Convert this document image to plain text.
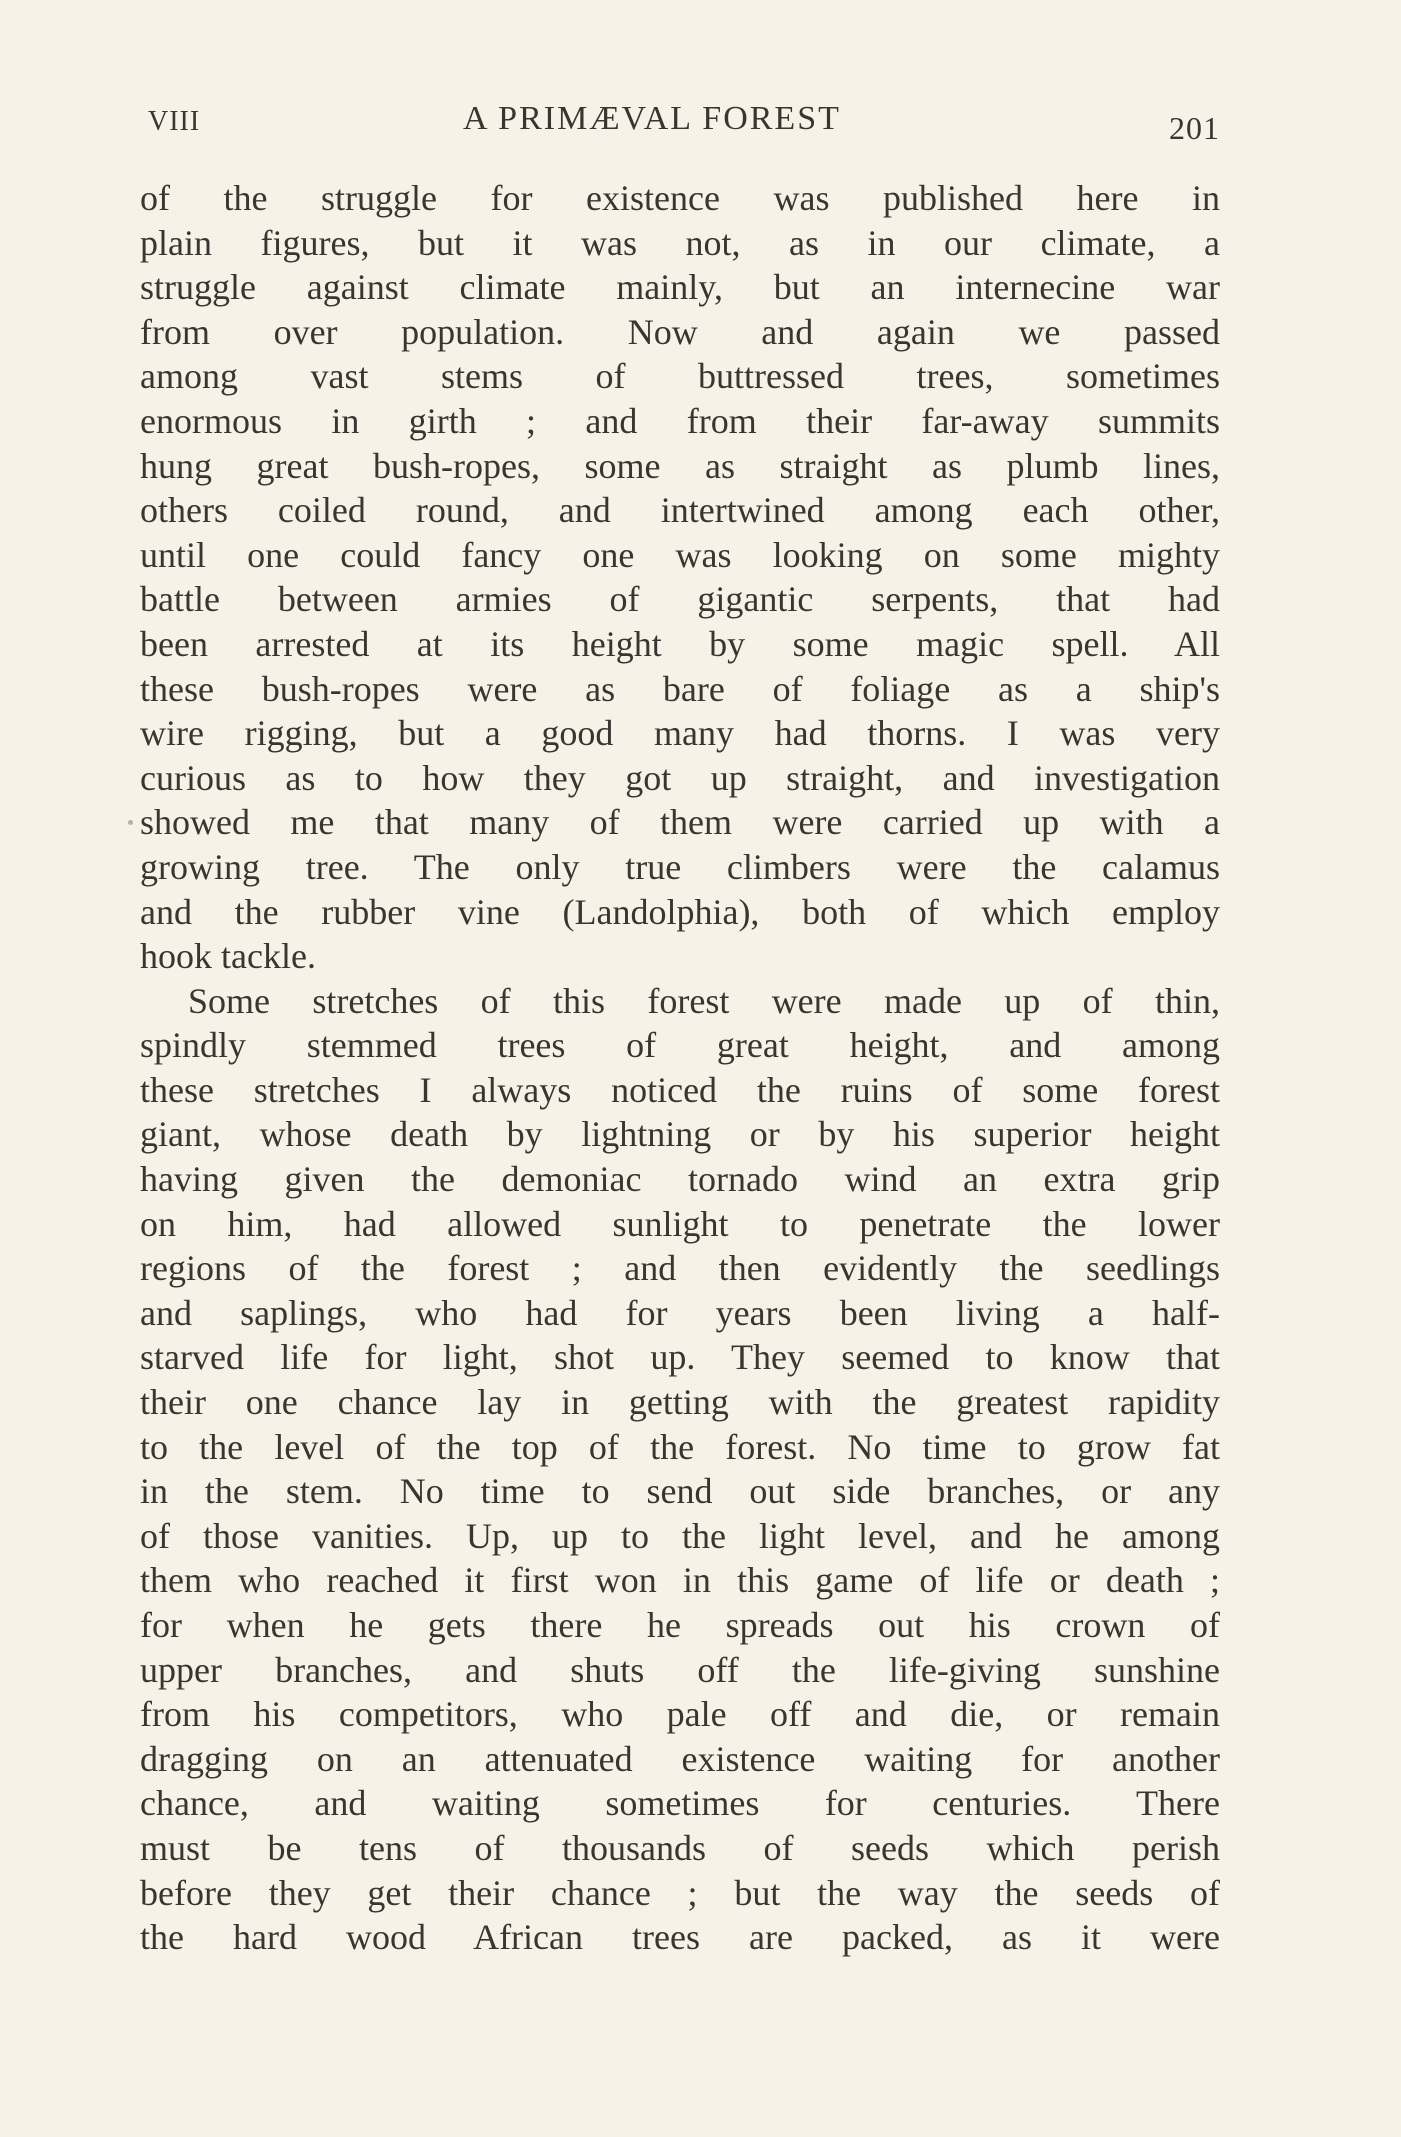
VIII	A PRIMÆVAL FOREST	201
of the struggle for existence was published here in
plain figures, but it was not, as in our climate, a
struggle against climate mainly, but an internecine war
from over population. Now and again we passed
among vast stems of buttressed trees, sometimes
enormous in girth ; and from their far-away summits
hung great bush-ropes, some as straight as plumb lines,
others coiled round, and intertwined among each other,
until one could fancy one was looking on some mighty
battle between armies of gigantic serpents, that had
been arrested at its height by some magic spell. All
these bush-ropes were as bare of foliage as a ship's
wire rigging, but a good many had thorns. I was very
curious as to how they got up straight, and investigation
showed me that many of them were carried up with a
growing tree. The only true climbers were the calamus
and the rubber vine (Landolphia), both of which employ
hook tackle.
Some stretches of this forest were made up of thin,
spindly stemmed trees of great height, and among
these stretches I always noticed the ruins of some forest
giant, whose death by lightning or by his superior height
having given the demoniac tornado wind an extra grip
on him, had allowed sunlight to penetrate the lower
regions of the forest ; and then evidently the seedlings
and saplings, who had for years been living a half-
starved life for light, shot up. They seemed to know that
their one chance lay in getting with the greatest rapidity
to the level of the top of the forest. No time to grow fat
in the stem. No time to send out side branches, or any
of those vanities. Up, up to the light level, and he among
them who reached it first won in this game of life or death ;
for when he gets there he spreads out his crown of
upper branches, and shuts off the life-giving sunshine
from his competitors, who pale off and die, or remain
dragging on an attenuated existence waiting for another
chance, and waiting sometimes for centuries. There
must be tens of thousands of seeds which perish
before they get their chance ; but the way the seeds of
the hard wood African trees are packed, as it were
